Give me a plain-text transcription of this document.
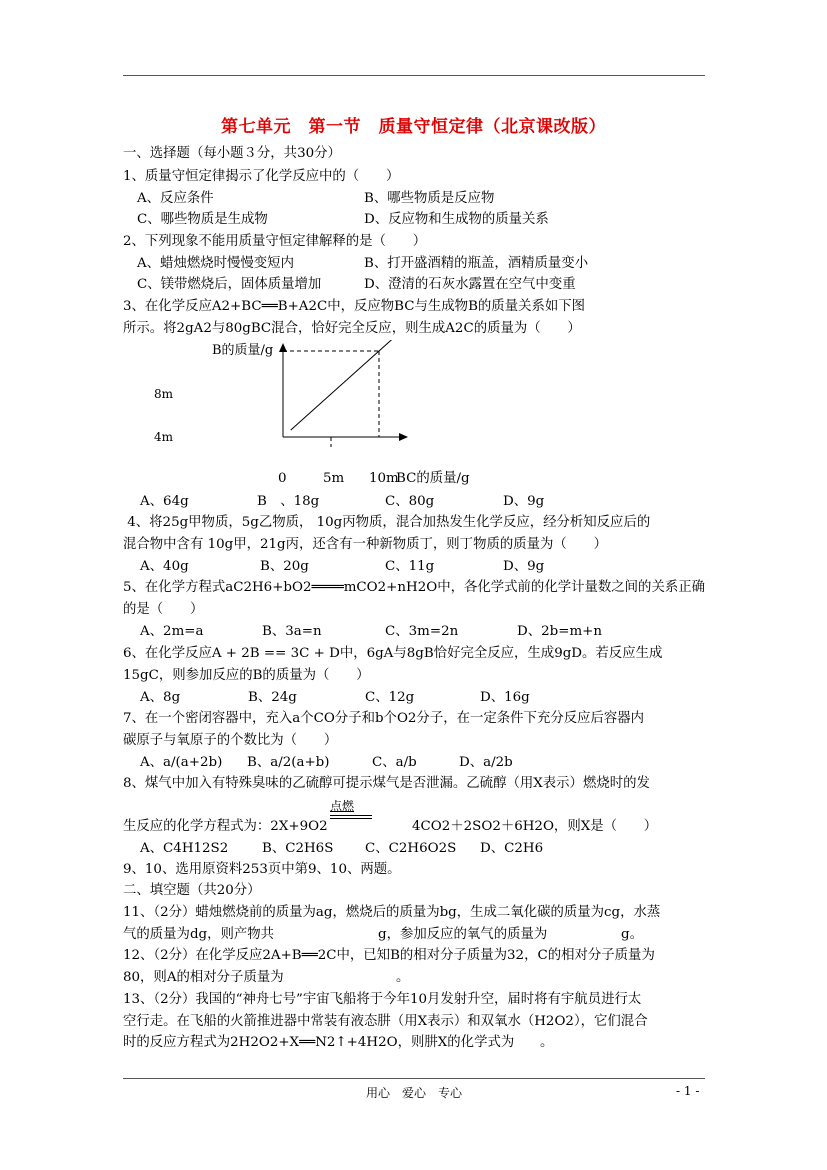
第七单元　第一节　质量守恒定律（北京课改版）
一、选择题（每小题３分，共30分）
1、质量守恒定律揭示了化学反应中的（　　）
A、反应条件	B、哪些物质是反应物
C、哪些物质是生成物	D、反应物和生成物的质量关系
2、下列现象不能用质量守恒定律解释的是（　　）
A、蜡烛燃烧时慢慢变短内	B、打开盛酒精的瓶盖，酒精质量变小
C、镁带燃烧后，固体质量增加	D、澄清的石灰水露置在空气中变重
3、在化学反应A2+BC══B+A2C中，反应物BC与生成物B的质量关系如下图
所示。将2gA2与80gBC混合，恰好完全反应，则生成A2C的质量为（　　）
B的质量/g
8m
4m
0	5m 10m
BC的质量/g
A、64g	B　、18g	C、80g	D、9g
4、将25g甲物质，5g乙物质， 10g丙物质，混合加热发生化学反应，经分析知反应后的
混合物中含有 10g甲，21g丙，还含有一种新物质丁，则丁物质的质量为（　　）
A、40g	B、20g	C、11g	D、9g
5、在化学方程式aC2H6+bO2════mCO2+nH2O中，各化学式前的化学计量数之间的关系正确
的是（　　）
A、2m=a	B、3a=n	C、3m=2n	D、2b=m+n
6、在化学反应A + 2B == 3C + D中，6gA与8gB恰好完全反应，生成9gD。若反应生成
15gC，则参加反应的B的质量为（　　）
A、8g	B、24g	C、12g	D、16g
7、在一个密闭容器中，充入a个CO分子和b个O2分子，在一定条件下充分反应后容器内
碳原子与氧原子的个数比为（　　）
A、a/(a+2b) B、a/2(a+b)	C、a/b	D、a/2b
8、煤气中加入有特殊臭味的乙硫醇可提示煤气是否泄漏。乙硫醇（用X表示）燃烧时的发
点燃
生反应的化学方程式为：2X+9O2	4CO2＋2SO2＋6H2O，则X是（　　）
A、C4H12S2	B、C2H6S C、C2H6O2S D、C2H6
9、10、选用原资料253页中第9、10、两题。
二、填空题（共20分）
11、（2分）蜡烛燃烧前的质量为ag，燃烧后的质量为bg，生成二氧化碳的质量为cg，水蒸
气的质量为dg，则产物共	g，参加反应的氧气的质量为	g。
12、（2分）在化学反应2A+B══2C中，已知B的相对分子质量为32，C的相对分子质量为
80，则A的相对分子质量为	。
13、（2分）我国的“神舟七号”宇宙飞船将于今年10月发射升空，届时将有宇航员进行太
空行走。在飞船的火箭推进器中常装有液态肼（用X表示）和双氧水（H2O2），它们混合
时的反应方程式为2H2O2+X══N2↑+4H2O，则肼X的化学式为 。
用心　爱心　专心	- 1 -
